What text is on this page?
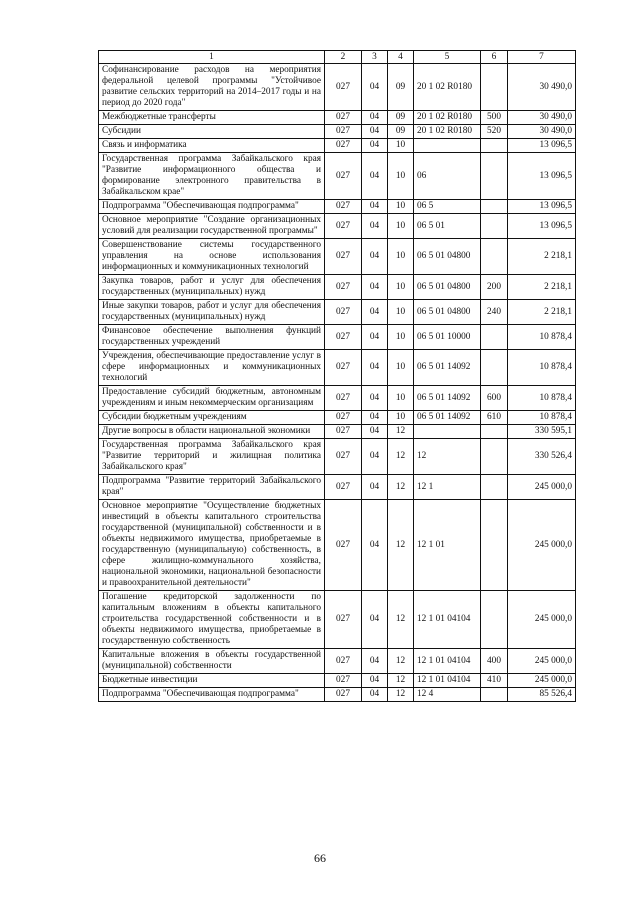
1	2	3	4	5	6	7
Софинансирование расходов на мероприятия федеральной целевой программы "Устойчивое развитие сельских территорий на 2014–2017 годы и на период до 2020 года"	027	04	09	20 1 02 R0180		30 490,0
Межбюджетные трансферты	027	04	09	20 1 02 R0180	500	30 490,0
Субсидии	027	04	09	20 1 02 R0180	520	30 490,0
Связь и информатика	027	04	10			13 096,5
Государственная программа Забайкальского края "Развитие информационного общества и формирование электронного правительства в Забайкальском крае"	027	04	10	06		13 096,5
Подпрограмма "Обеспечивающая подпрограмма"	027	04	10	06 5		13 096,5
Основное мероприятие "Создание организационных условий для реализации государственной программы"	027	04	10	06 5 01		13 096,5
Совершенствование системы государственного управления на основе использования информационных и коммуникационных технологий	027	04	10	06 5 01 04800		2 218,1
Закупка товаров, работ и услуг для обеспечения государственных (муниципальных) нужд	027	04	10	06 5 01 04800	200	2 218,1
Иные закупки товаров, работ и услуг для обеспечения государственных (муниципальных) нужд	027	04	10	06 5 01 04800	240	2 218,1
Финансовое обеспечение выполнения функций государственных учреждений	027	04	10	06 5 01 10000		10 878,4
Учреждения, обеспечивающие предоставление услуг в сфере информационных и коммуникационных технологий	027	04	10	06 5 01 14092		10 878,4
Предоставление субсидий бюджетным, автономным учреждениям и иным некоммерческим организациям	027	04	10	06 5 01 14092	600	10 878,4
Субсидии бюджетным учреждениям	027	04	10	06 5 01 14092	610	10 878,4
Другие вопросы в области национальной экономики	027	04	12			330 595,1
Государственная программа Забайкальского края "Развитие территорий и жилищная политика Забайкальского края"	027	04	12	12		330 526,4
Подпрограмма "Развитие территорий Забайкальского края"	027	04	12	12 1		245 000,0
Основное мероприятие "Осуществление бюджетных инвестиций в объекты капитального строительства государственной (муниципальной) собственности и в объекты недвижимого имущества, приобретаемые в государственную (муниципальную) собственность, в сфере жилищно-коммунального хозяйства, национальной экономики, национальной безопасности и правоохранительной деятельности"	027	04	12	12 1 01		245 000,0
Погашение кредиторской задолженности по капитальным вложениям в объекты капитального строительства государственной собственности и в объекты недвижимого имущества, приобретаемые в государственную собственность	027	04	12	12 1 01 04104		245 000,0
Капитальные вложения в объекты государственной (муниципальной) собственности	027	04	12	12 1 01 04104	400	245 000,0
Бюджетные инвестиции	027	04	12	12 1 01 04104	410	245 000,0
Подпрограмма "Обеспечивающая подпрограмма"	027	04	12	12 4		85 526,4
66
